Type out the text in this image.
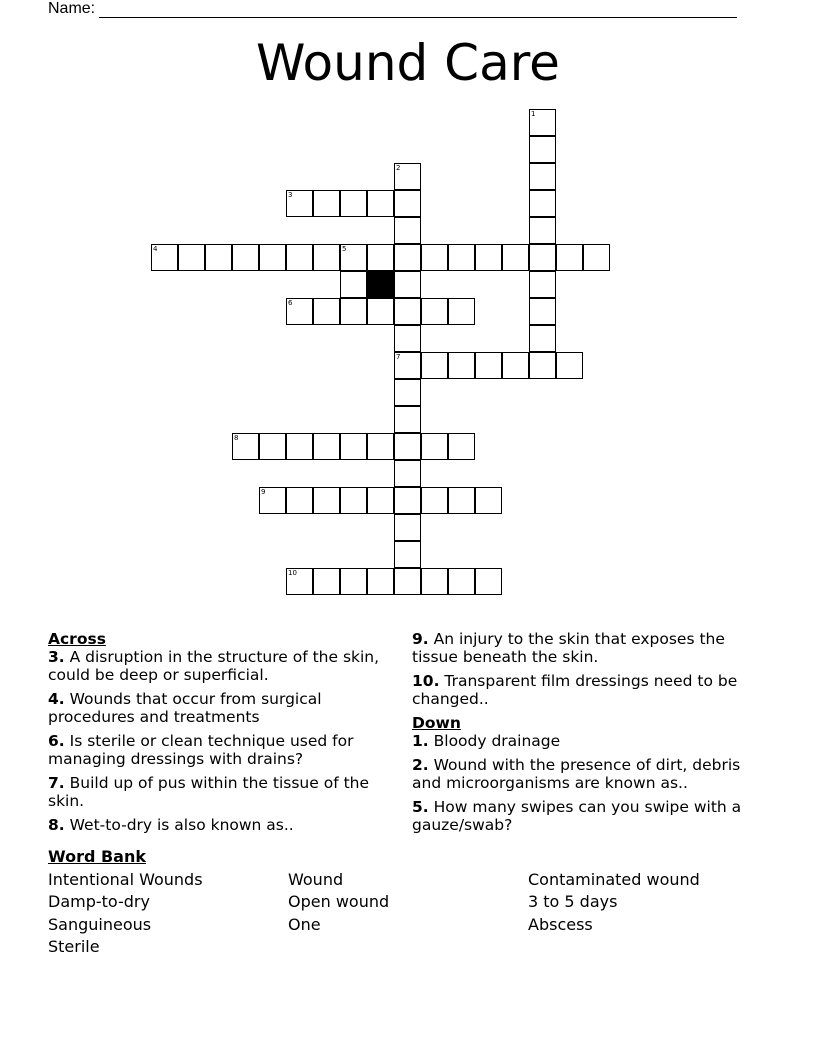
Name:
Wound Care
3
4	5
6
7
8
9
10
1
2
Across
3. A disruption in the structure of the skin, could be deep or superficial.
4. Wounds that occur from surgical procedures and treatments
6. Is sterile or clean technique used for managing dressings with drains?
7. Build up of pus within the tissue of the skin.
8. Wet-to-dry is also known as..
9. An injury to the skin that exposes the tissue beneath the skin.
10. Transparent film dressings need to be changed..
Down
1. Bloody drainage
2. Wound with the presence of dirt, debris and microorganisms are known as..
5. How many swipes can you swipe with a gauze/swab?
Word Bank
Intentional Wounds	Wound	Contaminated wound
Damp-to-dry	Open wound	3 to 5 days
Sanguineous	One	Abscess
Sterile
